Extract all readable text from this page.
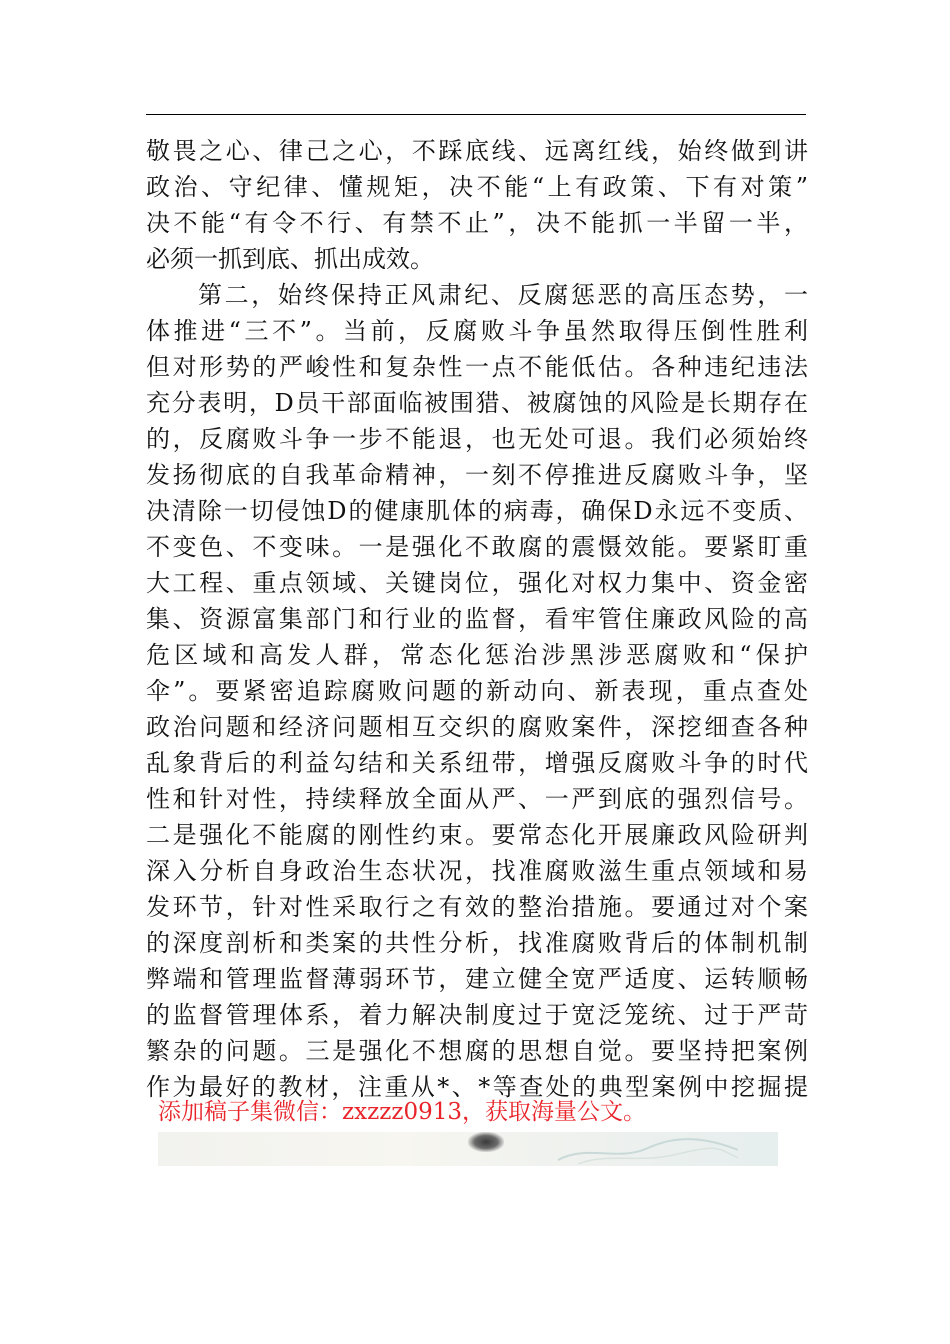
敬畏之心、律己之心，不踩底线、远离红线，始终做到讲
政治、守纪律、懂规矩，决不能“上有政策、下有对策”
决不能“有令不行、有禁不止”，决不能抓一半留一半，
必须一抓到底、抓出成效。
第二，始终保持正风肃纪、反腐惩恶的高压态势，一
体推进“三不”。当前，反腐败斗争虽然取得压倒性胜利
但对形势的严峻性和复杂性一点不能低估。各种违纪违法
充分表明，D员干部面临被围猎、被腐蚀的风险是长期存在
的，反腐败斗争一步不能退，也无处可退。我们必须始终
发扬彻底的自我革命精神，一刻不停推进反腐败斗争，坚
决清除一切侵蚀D的健康肌体的病毒，确保D永远不变质、
不变色、不变味。一是强化不敢腐的震慑效能。要紧盯重
大工程、重点领域、关键岗位，强化对权力集中、资金密
集、资源富集部门和行业的监督，看牢管住廉政风险的高
危区域和高发人群，常态化惩治涉黑涉恶腐败和“保护
伞”。要紧密追踪腐败问题的新动向、新表现，重点查处
政治问题和经济问题相互交织的腐败案件，深挖细查各种
乱象背后的利益勾结和关系纽带，增强反腐败斗争的时代
性和针对性，持续释放全面从严、一严到底的强烈信号。
二是强化不能腐的刚性约束。要常态化开展廉政风险研判
深入分析自身政治生态状况，找准腐败滋生重点领域和易
发环节，针对性采取行之有效的整治措施。要通过对个案
的深度剖析和类案的共性分析，找准腐败背后的体制机制
弊端和管理监督薄弱环节，建立健全宽严适度、运转顺畅
的监督管理体系，着力解决制度过于宽泛笼统、过于严苛
繁杂的问题。三是强化不想腐的思想自觉。要坚持把案例
作为最好的教材，注重从*、*等查处的典型案例中挖掘提
添加稿子集微信：zxzzz0913，获取海量公文。
